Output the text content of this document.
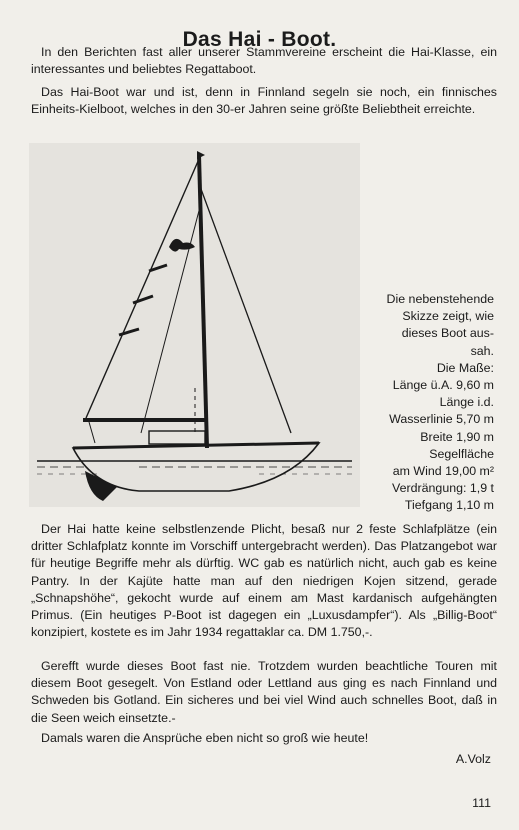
Das Hai - Boot.

In den Berichten fast aller unserer Stammvereine erscheint die Hai-Klasse, ein interessantes und beliebtes Regattaboot.

Das Hai-Boot war und ist, denn in Finnland segeln sie noch, ein finnisches Einheits-Kielboot, welches in den 30-er Jahren seine größte Beliebtheit erreichte.

Die nebenstehende
Skizze zeigt, wie
dieses Boot aus-
sah.
Die Maße:
Länge ü.A. 9,60 m
Länge i.d.
Wasserlinie 5,70 m
Breite 1,90 m
Segelfläche
am Wind 19,00 m²
Verdrängung: 1,9 t
Tiefgang 1,10 m

Der Hai hatte keine selbstlenzende Plicht, besaß nur 2 feste Schlafplätze (ein dritter Schlafplatz konnte im Vorschiff untergebracht werden). Das Platzangebot war für heutige Begriffe mehr als dürftig. WC gab es natürlich nicht, auch gab es keine Pantry. In der Kajüte hatte man auf den niedrigen Kojen sitzend, gerade „Schnapshöhe“, gekocht wurde auf einem am Mast kardanisch aufgehängten Primus. (Ein heutiges P-Boot ist dagegen ein „Luxusdampfer“). Als „Billig-Boot“ konzipiert, kostete es im Jahr 1934 regattaklar ca. DM 1.750,-.

Gerefft wurde dieses Boot fast nie. Trotzdem wurden beachtliche Touren mit diesem Boot gesegelt. Von Estland oder Lettland aus ging es nach Finnland und Schweden bis Gotland. Ein sicheres und bei viel Wind auch schnelles Boot, daß in die Seen weich einsetzte.-

Damals waren die Ansprüche eben nicht so groß wie heute!

A.Volz
111
